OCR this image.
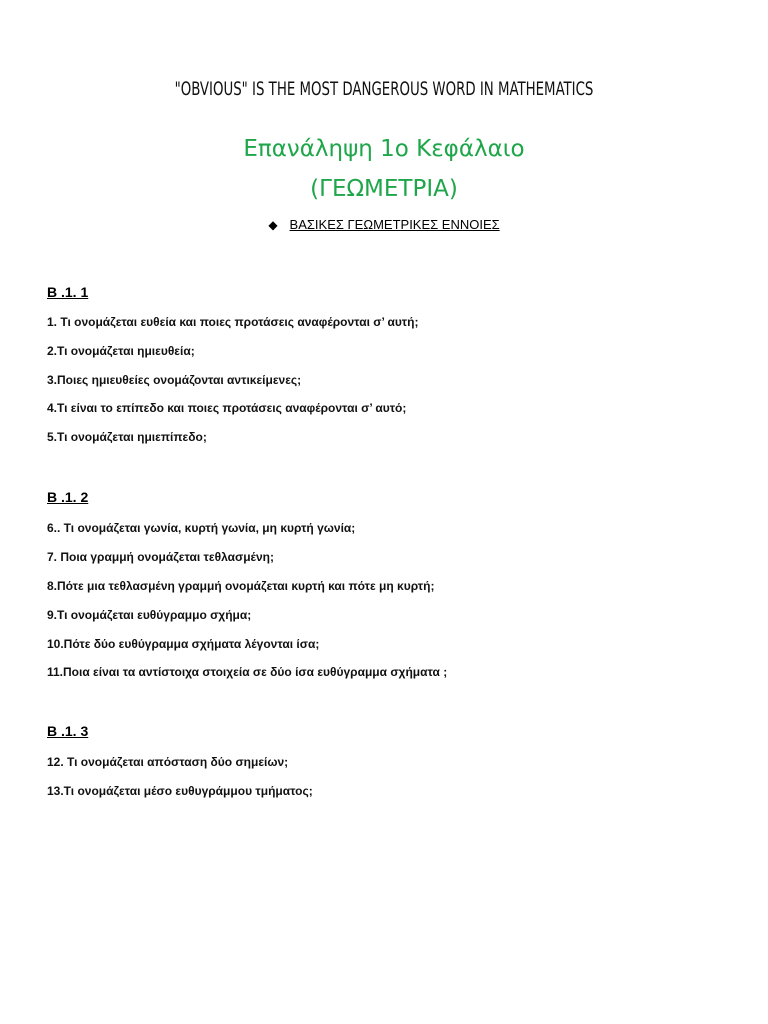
"OBVIOUS" IS THE MOST DANGEROUS WORD IN MATHEMATICS
Επανάληψη 1ο Κεφάλαιο
(ΓΕΩΜΕΤΡΙΑ)
◆ ΒΑΣΙΚΕΣ ΓΕΩΜΕΤΡΙΚΕΣ ΕΝΝΟΙΕΣ
Β .1. 1
1. Τι ονομάζεται ευθεία και ποιες προτάσεις αναφέρονται σ’ αυτή;
2.Τι ονομάζεται ημιευθεία;
3.Ποιες ημιευθείες ονομάζονται αντικείμενες;
4.Τι είναι το επίπεδο και ποιες προτάσεις αναφέρονται σ’ αυτό;
5.Τι ονομάζεται ημιεπίπεδο;
Β .1. 2
6.. Τι ονομάζεται γωνία, κυρτή γωνία, μη κυρτή γωνία;
7. Ποια γραμμή ονομάζεται τεθλασμένη;
8.Πότε μια τεθλασμένη γραμμή ονομάζεται κυρτή και πότε μη κυρτή;
9.Τι ονομάζεται ευθύγραμμο σχήμα;
10.Πότε δύο ευθύγραμμα σχήματα λέγονται ίσα;
11.Ποια είναι τα αντίστοιχα στοιχεία σε δύο ίσα ευθύγραμμα σχήματα ;
Β .1. 3
12. Τι ονομάζεται απόσταση δύο σημείων;
13.Τι ονομάζεται μέσο ευθυγράμμου τμήματος;
